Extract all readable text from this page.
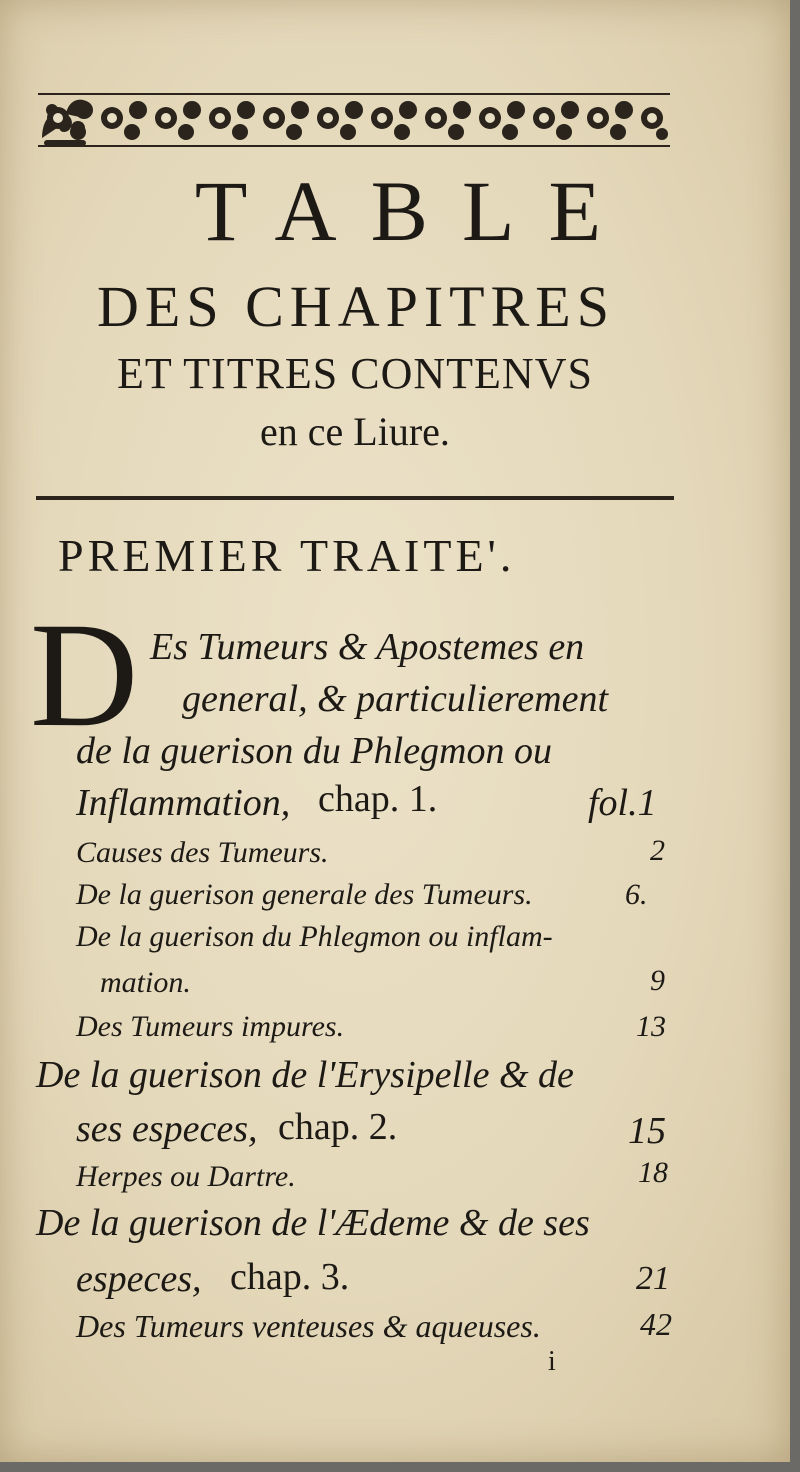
TABLE
DES CHAPITRES
ET TITRES CONTENVS
en ce Liure.
PREMIER TRAITE'.
D Es Tumeurs & Apostemes en
general, & particulierement
de la guerison du Phlegmon ou
Inflammation, chap. 1.	fol.1
Causes des Tumeurs.	2
De la guerison generale des Tumeurs.	6.
De la guerison du Phlegmon ou inflam-
mation.	9
Des Tumeurs impures.	13
De la guerison de l'Erysipelle & de
ses especes, chap. 2.	15
Herpes ou Dartre.	18
De la guerison de l'Ædeme & de ses
especes, chap. 3.	21
Des Tumeurs venteuses & aqueuses.	42
i
